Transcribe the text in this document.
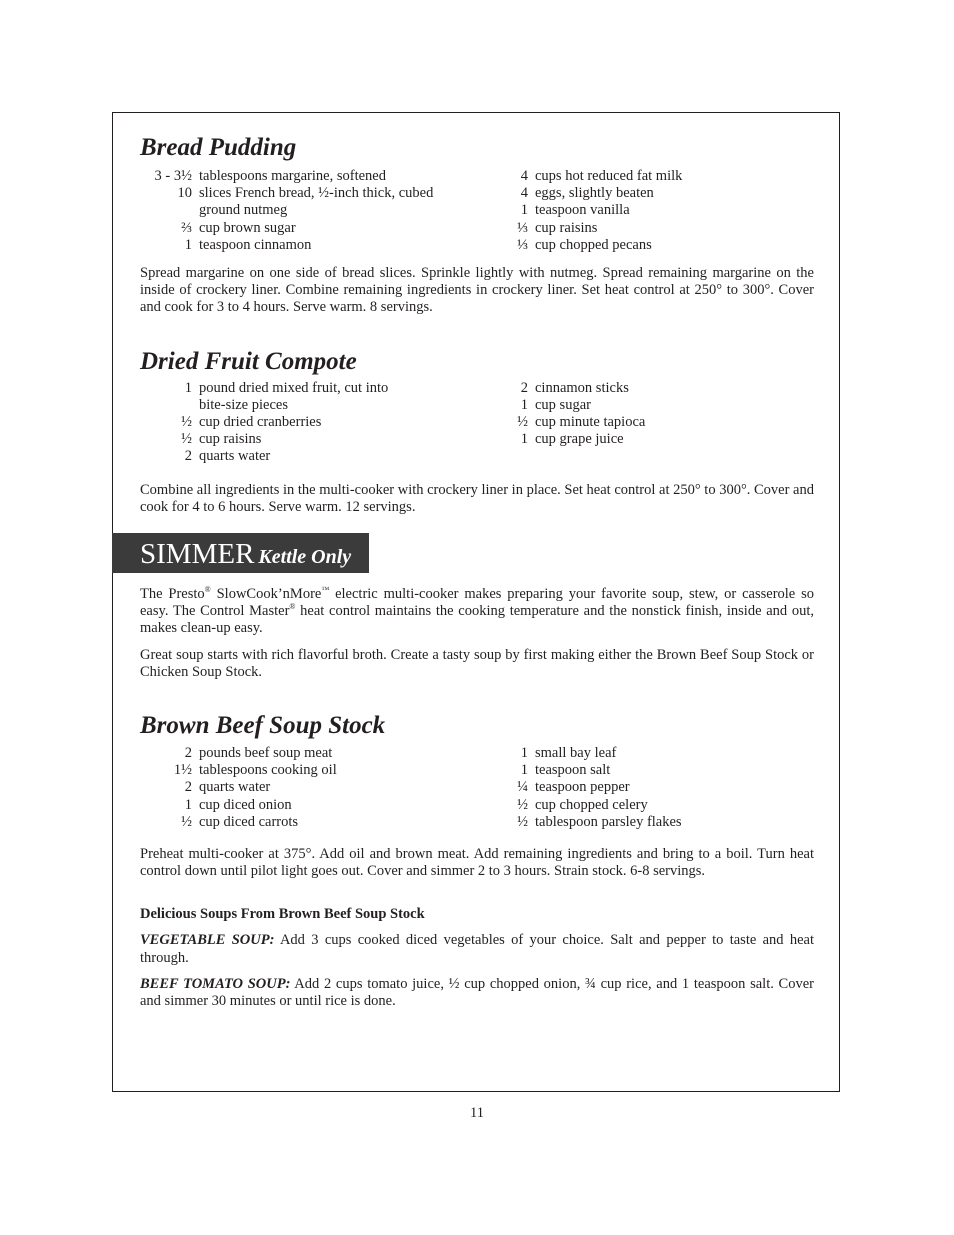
Bread Pudding
3 - 3½ tablespoons margarine, softened
10 slices French bread, ½-inch thick, cubed
ground nutmeg
⅔ cup brown sugar
1 teaspoon cinnamon
4 cups hot reduced fat milk
4 eggs, slightly beaten
1 teaspoon vanilla
⅓ cup raisins
⅓ cup chopped pecans

Spread margarine on one side of bread slices. Sprinkle lightly with nutmeg. Spread remaining margarine on the inside of crockery liner. Combine remaining ingredients in crockery liner. Set heat control at 250° to 300°. Cover and cook for 3 to 4 hours. Serve warm. 8 servings.

Dried Fruit Compote
1 pound dried mixed fruit, cut into
bite-size pieces
½ cup dried cranberries
½ cup raisins
2 quarts water
2 cinnamon sticks
1 cup sugar
½ cup minute tapioca
1 cup grape juice

Combine all ingredients in the multi-cooker with crockery liner in place. Set heat control at 250° to 300°. Cover and cook for 4 to 6 hours. Serve warm. 12 servings.

SIMMER Kettle Only

The Presto® SlowCook’nMore™ electric multi-cooker makes preparing your favorite soup, stew, or casserole so easy. The Control Master® heat control maintains the cooking temperature and the nonstick finish, inside and out, makes clean-up easy.

Great soup starts with rich flavorful broth. Create a tasty soup by first making either the Brown Beef Soup Stock or Chicken Soup Stock.

Brown Beef Soup Stock
2 pounds beef soup meat
1½ tablespoons cooking oil
2 quarts water
1 cup diced onion
½ cup diced carrots
1 small bay leaf
1 teaspoon salt
¼ teaspoon pepper
½ cup chopped celery
½ tablespoon parsley flakes

Preheat multi-cooker at 375°. Add oil and brown meat. Add remaining ingredients and bring to a boil. Turn heat control down until pilot light goes out. Cover and simmer 2 to 3 hours. Strain stock. 6-8 servings.

Delicious Soups From Brown Beef Soup Stock

VEGETABLE SOUP: Add 3 cups cooked diced vegetables of your choice. Salt and pepper to taste and heat through.

BEEF TOMATO SOUP: Add 2 cups tomato juice, ½ cup chopped onion, ¾ cup rice, and 1 teaspoon salt. Cover and simmer 30 minutes or until rice is done.

11
